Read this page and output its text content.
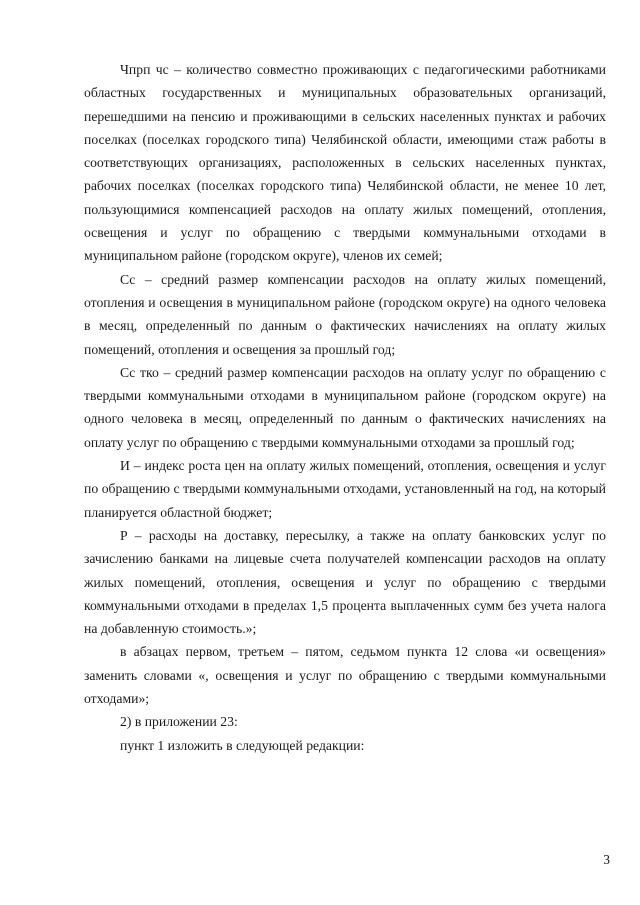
Чпрп чс – количество совместно проживающих с педагогическими работниками областных государственных и муниципальных образовательных организаций, перешедшими на пенсию и проживающими в сельских населенных пунктах и рабочих поселках (поселках городского типа) Челябинской области, имеющими стаж работы в соответствующих организациях, расположенных в сельских населенных пунктах, рабочих поселках (поселках городского типа) Челябинской области, не менее 10 лет, пользующимися компенсацией расходов на оплату жилых помещений, отопления, освещения и услуг по обращению с твердыми коммунальными отходами в муниципальном районе (городском округе), членов их семей;

Сс – средний размер компенсации расходов на оплату жилых помещений, отопления и освещения в муниципальном районе (городском округе) на одного человека в месяц, определенный по данным о фактических начислениях на оплату жилых помещений, отопления и освещения за прошлый год;

Сс тко – средний размер компенсации расходов на оплату услуг по обращению с твердыми коммунальными отходами в муниципальном районе (городском округе) на одного человека в месяц, определенный по данным о фактических начислениях на оплату услуг по обращению с твердыми коммунальными отходами за прошлый год;

И – индекс роста цен на оплату жилых помещений, отопления, освещения и услуг по обращению с твердыми коммунальными отходами, установленный на год, на который планируется областной бюджет;

Р – расходы на доставку, пересылку, а также на оплату банковских услуг по зачислению банками на лицевые счета получателей компенсации расходов на оплату жилых помещений, отопления, освещения и услуг по обращению с твердыми коммунальными отходами в пределах 1,5 процента выплаченных сумм без учета налога на добавленную стоимость.»;

в абзацах первом, третьем – пятом, седьмом пункта 12 слова «и освещения» заменить словами «, освещения и услуг по обращению с твердыми коммунальными отходами»;

2) в приложении 23:

пункт 1 изложить в следующей редакции:

3
